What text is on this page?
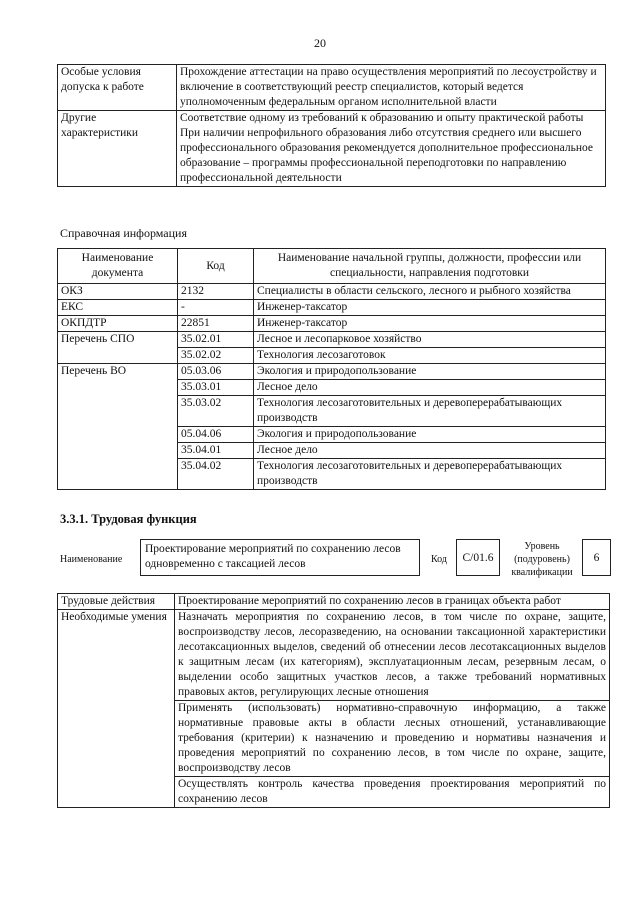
20
Особые условия допуска к работе	Прохождение аттестации на право осуществления мероприятий по лесоустройству и включение в соответствующий реестр специалистов, который ведется уполномоченным федеральным органом исполнительной власти
Другие характеристики	Соответствие одному из требований к образованию и опыту практической работы
	При наличии непрофильного образования либо отсутствия среднего или высшего профессионального образования рекомендуется дополнительное профессиональное образование – программы профессиональной переподготовки по направлению профессиональной деятельности
Справочная информация
Наименование документа	Код	Наименование начальной группы, должности, профессии или специальности, направления подготовки
ОКЗ	2132	Специалисты в области сельского, лесного и рыбного хозяйства
ЕКС	-	Инженер-таксатор
ОКПДТР	22851	Инженер-таксатор
Перечень СПО	35.02.01	Лесное и лесопарковое хозяйство
	35.02.02	Технология лесозаготовок
Перечень ВО	05.03.06	Экология и природопользование
	35.03.01	Лесное дело
	35.03.02	Технология лесозаготовительных и деревоперерабатывающих производств
	05.04.06	Экология и природопользование
	35.04.01	Лесное дело
	35.04.02	Технология лесозаготовительных и деревоперерабатывающих производств
3.3.1. Трудовая функция
Наименование
Проектирование мероприятий по сохранению лесов одновременно с таксацией лесов	Код	C/01.6
Уровень (подуровень) квалификации
6
Трудовые действия	Проектирование мероприятий по сохранению лесов в границах объекта работ
Необходимые умения	Назначать мероприятия по сохранению лесов, в том числе по охране, защите, воспроизводству лесов, лесоразведению, на основании таксационной характеристики лесотаксационных выделов, сведений об отнесении лесов лесотаксационных выделов к защитным лесам (их категориям), эксплуатационным лесам, резервным лесам, о выделении особо защитных участков лесов, а также требований нормативных правовых актов, регулирующих лесные отношения
	Применять (использовать) нормативно-справочную информацию, а также нормативные правовые акты в области лесных отношений, устанавливающие требования (критерии) к назначению и проведению и нормативы назначения и проведения мероприятий по сохранению лесов, в том числе по охране, защите, воспроизводству лесов
	Осуществлять контроль качества проведения проектирования мероприятий по сохранению лесов
